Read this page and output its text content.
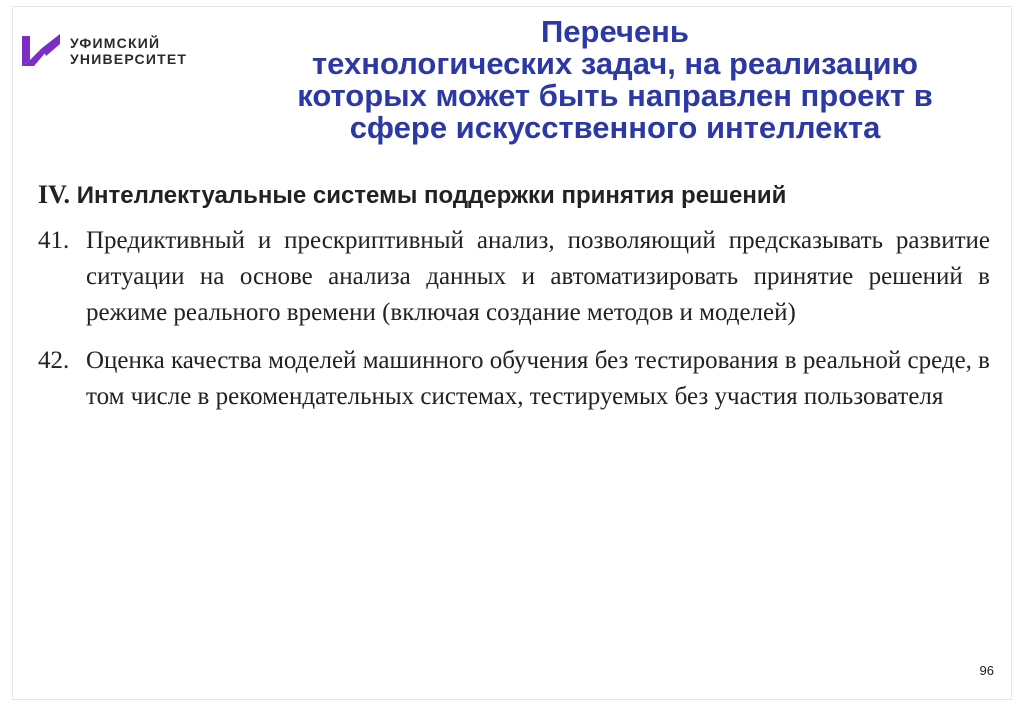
УФИМСКИЙ
УНИВЕРСИТЕТ
Перечень
технологических задач, на реализацию
которых может быть направлен проект в
сфере искусственного интеллекта
IV. Интеллектуальные системы поддержки принятия решений
41. Предиктивный и прескриптивный анализ, позволяющий предсказывать развитие ситуации на основе анализа данных и автоматизировать принятие решений в режиме реального времени (включая создание методов и моделей)
42. Оценка качества моделей машинного обучения без тестирования в реальной среде, в том числе в рекомендательных системах, тестируемых без участия пользователя
96
